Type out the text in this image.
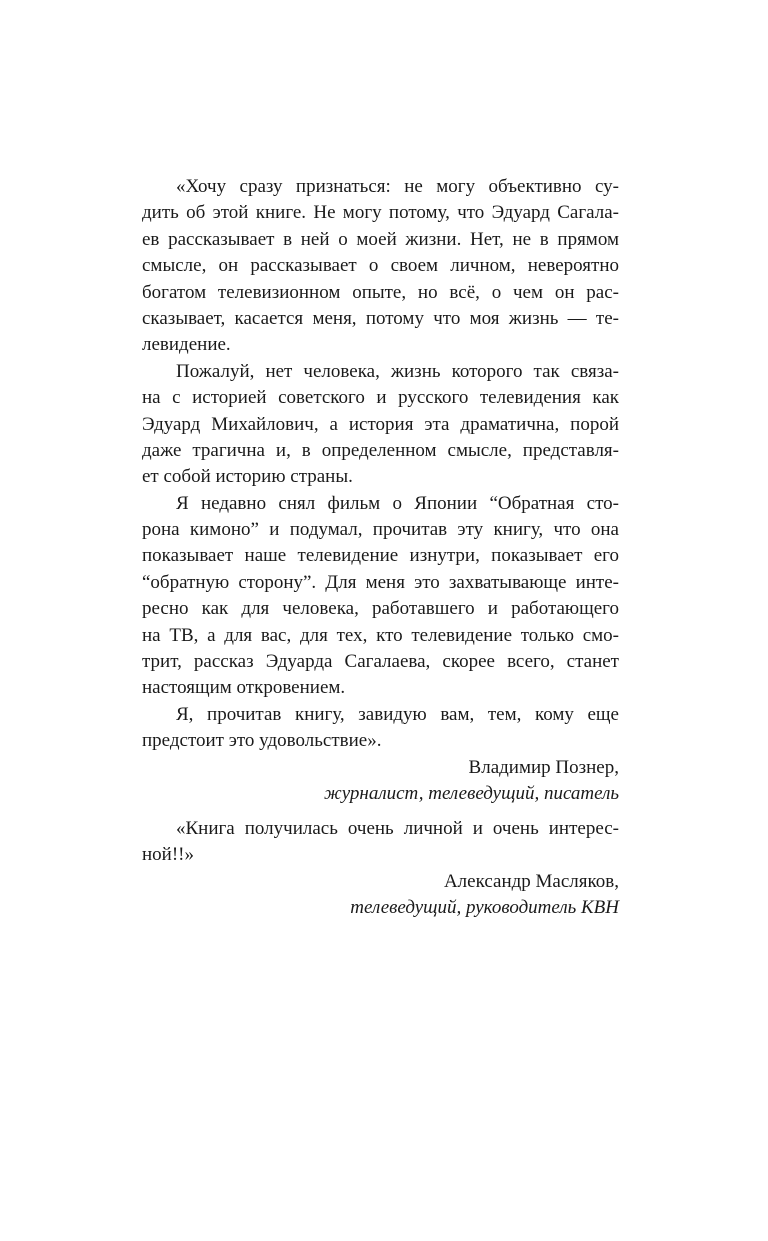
«Хочу сразу признаться: не могу объективно су-
дить об этой книге. Не могу потому, что Эдуард Сагала-
ев рассказывает в ней о моей жизни. Нет, не в прямом
смысле, он рассказывает о своем личном, невероятно
богатом телевизионном опыте, но всё, о чем он рас-
сказывает, касается меня, потому что моя жизнь — те-
левидение.
Пожалуй, нет человека, жизнь которого так связа-
на с историей советского и русского телевидения как
Эдуард Михайлович, а история эта драматична, порой
даже трагична и, в определенном смысле, представля-
ет собой историю страны.
Я недавно снял фильм о Японии “Обратная сто-
рона кимоно” и подумал, прочитав эту книгу, что она
показывает наше телевидение изнутри, показывает его
“обратную сторону”. Для меня это захватывающе инте-
ресно как для человека, работавшего и работающего
на ТВ, а для вас, для тех, кто телевидение только смо-
трит, рассказ Эдуарда Сагалаева, скорее всего, станет
настоящим откровением.
Я, прочитав книгу, завидую вам, тем, кому еще
предстоит это удовольствие».
Владимир Познер,
журналист, телеведущий, писатель
«Книга получилась очень личной и очень интерес-
ной!!»
Александр Масляков,
телеведущий, руководитель КВН
